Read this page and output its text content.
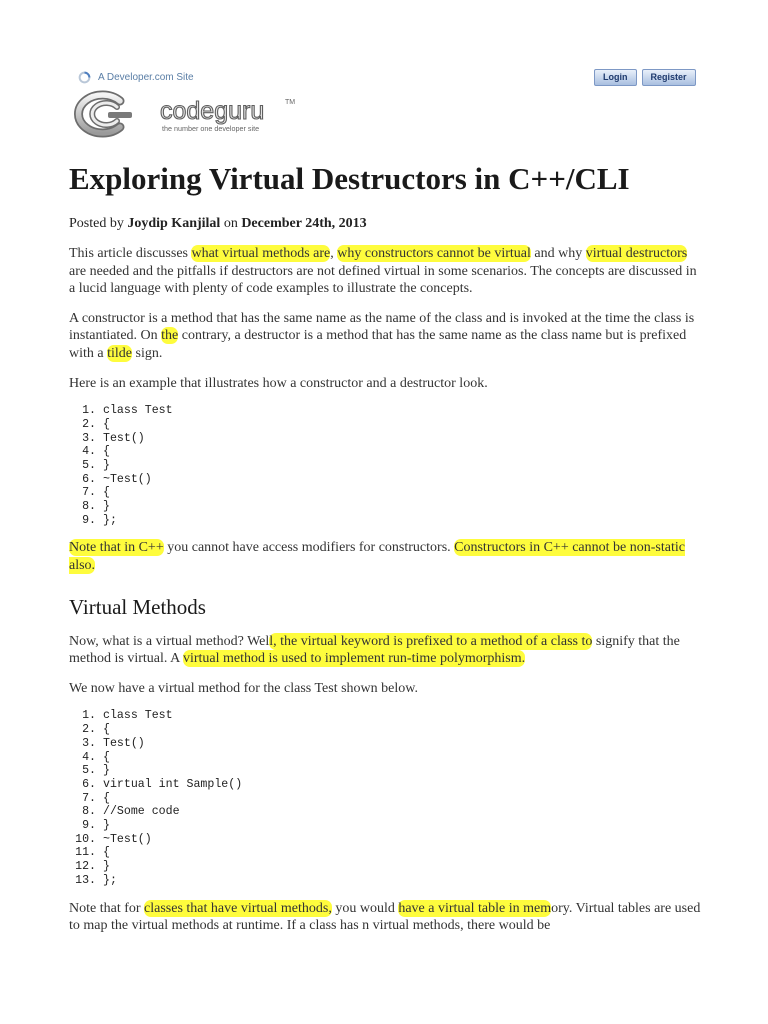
A Developer.com Site	Login	Register
codeguru	TM
the number one developer site
Exploring Virtual Destructors in C++/CLI
Posted by Joydip Kanjilal on December 24th, 2013

This article discusses what virtual methods are, why constructors cannot be virtual and why virtual destructors are needed and the pitfalls if destructors are not defined virtual in some scenarios. The concepts are discussed in a lucid language with plenty of code examples to illustrate the concepts.

A constructor is a method that has the same name as the name of the class and is invoked at the time the class is instantiated. On the contrary, a destructor is a method that has the same name as the class name but is prefixed with a tilde sign.

Here is an example that illustrates how a constructor and a destructor look.

1. class Test
2. {
3. Test()
4. {
5. }
6. ~Test()
7. {
8. }
9. };

Note that in C++ you cannot have access modifiers for constructors. Constructors in C++ cannot be non-static also.

Virtual Methods

Now, what is a virtual method? Well, the virtual keyword is prefixed to a method of a class to signify that the method is virtual. A virtual method is used to implement run-time polymorphism.

We now have a virtual method for the class Test shown below.

1. class Test
2. {
3. Test()
4. {
5. }
6. virtual int Sample()
7. {
8. //Some code
9. }
10. ~Test()
11. {
12. }
13. };

Note that for classes that have virtual methods, you would have a virtual table in memory. Virtual tables are used to map the virtual methods at runtime. If a class has n virtual methods, there would be
